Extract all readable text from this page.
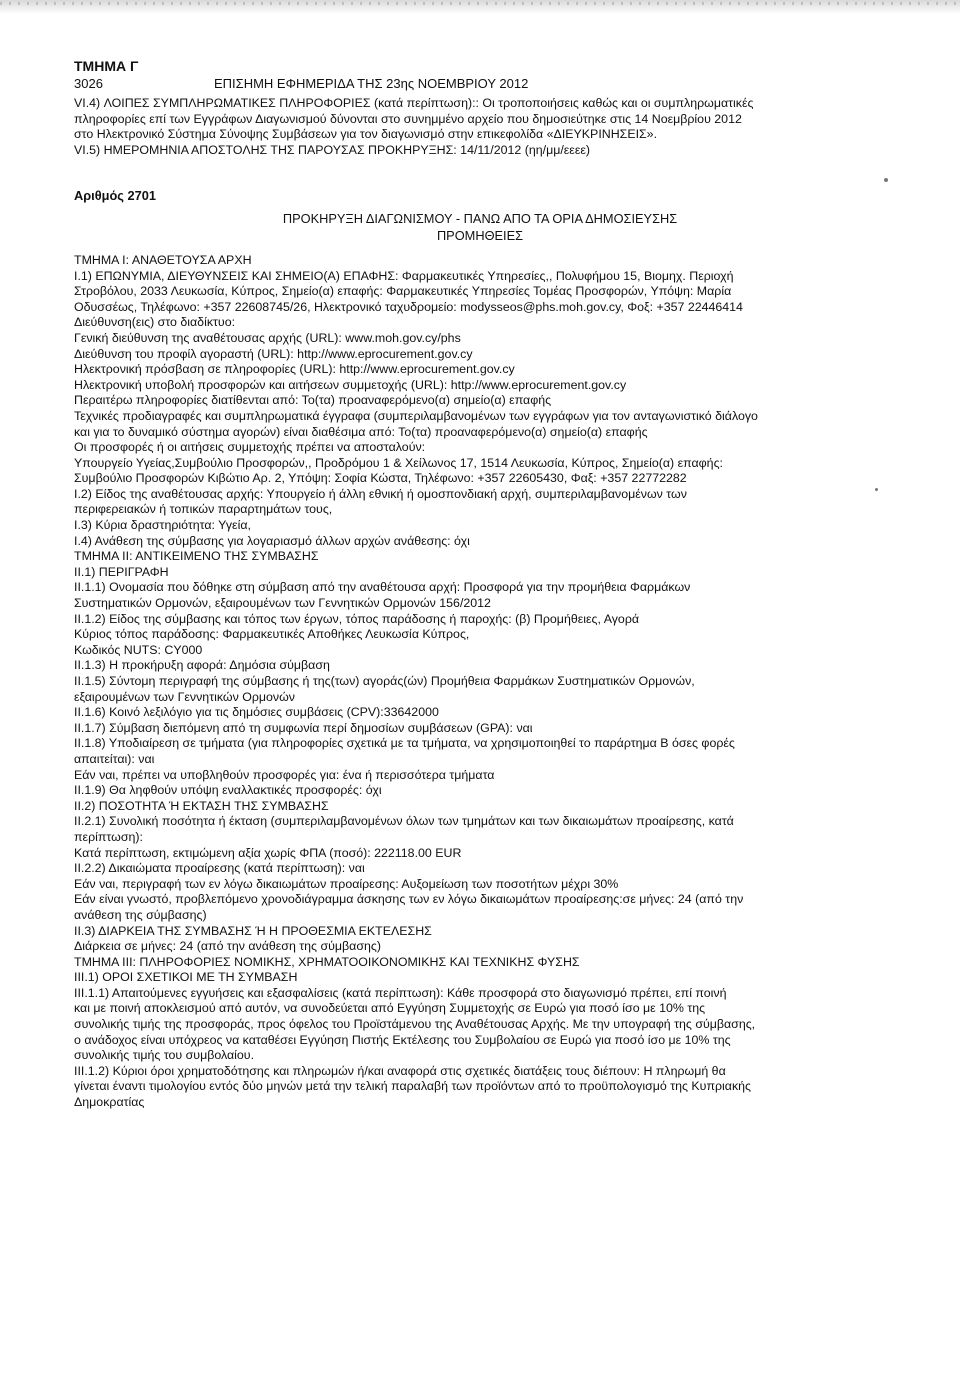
ΤΜΗΜΑ Γ
3026	ΕΠΙΣΗΜΗ ΕΦΗΜΕΡΙΔΑ ΤΗΣ 23ης ΝΟΕΜΒΡΙΟΥ 2012
VI.4) ΛΟΙΠΕΣ ΣΥΜΠΛΗΡΩΜΑΤΙΚΕΣ ΠΛΗΡΟΦΟΡΙΕΣ (κατά περίπτωση):: Οι τροποποιήσεις καθώς και οι συμπληρωματικές
πληροφορίες επί των Εγγράφων Διαγωνισμού δύνονται στο συνημμένο αρχείο που δημοσιεύτηκε στις 14 Νοεμβρίου 2012
στο Ηλεκτρονικό Σύστημα Σύνοψης Συμβάσεων για τον διαγωνισμό στην επικεφολίδα «ΔΙΕΥΚΡΙΝΗΣΕΙΣ».
VI.5) ΗΜΕΡΟΜΗΝΙΑ ΑΠΟΣΤΟΛΗΣ ΤΗΣ ΠΑΡΟΥΣΑΣ ΠΡΟΚΗΡΥΞΗΣ: 14/11/2012 (ηη/μμ/εεεε)
Αριθμός 2701
ΠΡΟΚΗΡΥΞΗ ΔΙΑΓΩΝΙΣΜΟΥ - ΠΑΝΩ ΑΠΟ ΤΑ ΟΡΙΑ ΔΗΜΟΣΙΕΥΣΗΣ
ΠΡΟΜΗΘΕΙΕΣ
ΤΜΗΜΑ Ι: ΑΝΑΘΕΤΟΥΣΑ ΑΡΧΗ
Ι.1) ΕΠΩΝΥΜΙΑ, ΔΙΕΥΘΥΝΣΕΙΣ ΚΑΙ ΣΗΜΕΙΟ(Α) ΕΠΑΦΗΣ: Φαρμακευτικές Υπηρεσίες,, Πολυφήμου 15, Βιομηχ. Περιοχή
Στροβόλου, 2033 Λευκωσία, Κύπρος, Σημείο(α) επαφής: Φαρμακευτικές Υπηρεσίες Τομέας Προσφορών, Υπόψη: Μαρία
Οδυσσέως, Τηλέφωνο: +357 22608745/26, Ηλεκτρονικό ταχυδρομείο: modysseos@phs.moh.gov.cy, Φοξ: +357 22446414
Διεύθυνση(εις) στο διαδίκτυο:
Γενική διεύθυνση της αναθέτουσας αρχής (URL): www.moh.gov.cy/phs
Διεύθυνση του προφίλ αγοραστή (URL): http://www.eprocurement.gov.cy
Ηλεκτρονική πρόσβαση σε πληροφορίες (URL): http://www.eprocurement.gov.cy
Ηλεκτρονική υποβολή προσφορών και αιτήσεων συμμετοχής (URL): http://www.eprocurement.gov.cy
Περαιτέρω πληροφορίες διατίθενται από: Το(τα) προαναφερόμενο(α) σημείο(α) επαφής
Τεχνικές προδιαγραφές και συμπληρωματικά έγγραφα (συμπεριλαμβανομένων των εγγράφων για τον ανταγωνιστικό διάλογο
και για το δυναμικό σύστημα αγορών) είναι διαθέσιμα από: Το(τα) προαναφερόμενο(α) σημείο(α) επαφής
Οι προσφορές ή οι αιτήσεις συμμετοχής πρέπει να αποσταλούν:
Υπουργείο Υγείας,Συμβούλιο Προσφορών,, Προδρόμου 1 & Χείλωνος 17, 1514 Λευκωσία, Κύπρος, Σημείο(α) επαφής:
Συμβούλιο Προσφορών Κιβώτιο Αρ. 2, Υπόψη: Σοφία Κώστα, Τηλέφωνο: +357 22605430, Φαξ: +357 22772282
Ι.2) Είδος της αναθέτουσας αρχής: Υπουργείο ή άλλη εθνική ή ομοσπονδιακή αρχή, συμπεριλαμβανομένων των
περιφερειακών ή τοπικών παραρτημάτων τους,
Ι.3) Κύρια δραστηριότητα: Υγεία,
Ι.4) Ανάθεση της σύμβασης για λογαριασμό άλλων αρχών ανάθεσης: όχι
ΤΜΗΜΑ ΙΙ: ΑΝΤΙΚΕΙΜΕΝΟ ΤΗΣ ΣΥΜΒΑΣΗΣ
ΙΙ.1) ΠΕΡΙΓΡΑΦΗ
ΙΙ.1.1) Ονομασία που δόθηκε στη σύμβαση από την αναθέτουσα αρχή: Προσφορά για την προμήθεια Φαρμάκων
Συστηματικών Ορμονών, εξαιρουμένων των Γεννητικών Ορμονών 156/2012
ΙΙ.1.2) Είδος της σύμβασης και τόπος των έργων, τόπος παράδοσης ή παροχής: (β) Προμήθειες, Αγορά
Κύριος τόπος παράδοσης: Φαρμακευτικές Αποθήκες Λευκωσία Κύπρος,
Κωδικός NUTS: CY000
ΙΙ.1.3) Η προκήρυξη αφορά: Δημόσια σύμβαση
ΙΙ.1.5) Σύντομη περιγραφή της σύμβασης ή της(των) αγοράς(ών) Προμήθεια Φαρμάκων Συστηματικών Ορμονών,
εξαιρουμένων των Γεννητικών Ορμονών
ΙΙ.1.6) Κοινό λεξιλόγιο για τις δημόσιες συμβάσεις (CPV):33642000
ΙΙ.1.7) Σύμβαση διεπόμενη από τη συμφωνία περί δημοσίων συμβάσεων (GPA): ναι
ΙΙ.1.8) Υποδιαίρεση σε τμήματα (για πληροφορίες σχετικά με τα τμήματα, να χρησιμοποιηθεί το παράρτημα Β όσες φορές
απαιτείται): ναι
Εάν ναι, πρέπει να υποβληθούν προσφορές για: ένα ή περισσότερα τμήματα
ΙΙ.1.9) Θα ληφθούν υπόψη εναλλακτικές προσφορές: όχι
ΙΙ.2) ΠΟΣΟΤΗΤΑ Ή ΕΚΤΑΣΗ ΤΗΣ ΣΥΜΒΑΣΗΣ
ΙΙ.2.1) Συνολική ποσότητα ή έκταση (συμπεριλαμβανομένων όλων των τμημάτων και των δικαιωμάτων προαίρεσης, κατά
περίπτωση):
Κατά περίπτωση, εκτιμώμενη αξία χωρίς ΦΠΑ (ποσό): 222118.00 EUR
ΙΙ.2.2) Δικαιώματα προαίρεσης (κατά περίπτωση): ναι
Εάν ναι, περιγραφή των εν λόγω δικαιωμάτων προαίρεσης: Αυξομείωση των ποσοτήτων μέχρι 30%
Εάν είναι γνωστό, προβλεπόμενο χρονοδιάγραμμα άσκησης των εν λόγω δικαιωμάτων προαίρεσης:σε μήνες: 24 (από την
ανάθεση της σύμβασης)
ΙΙ.3) ΔΙΑΡΚΕΙΑ ΤΗΣ ΣΥΜΒΑΣΗΣ Ή Η ΠΡΟΘΕΣΜΙΑ ΕΚΤΕΛΕΣΗΣ
Διάρκεια σε μήνες: 24 (από την ανάθεση της σύμβασης)
ΤΜΗΜΑ ΙΙΙ: ΠΛΗΡΟΦΟΡΙΕΣ ΝΟΜΙΚΗΣ, ΧΡΗΜΑΤΟΟΙΚΟΝΟΜΙΚΗΣ ΚΑΙ ΤΕΧΝΙΚΗΣ ΦΥΣΗΣ
ΙΙΙ.1) ΟΡΟΙ ΣΧΕΤΙΚΟΙ ΜΕ ΤΗ ΣΥΜΒΑΣΗ
ΙΙΙ.1.1) Απαιτούμενες εγγυήσεις και εξασφαλίσεις (κατά περίπτωση): Κάθε προσφορά στο διαγωνισμό πρέπει, επί ποινή
και με ποινή αποκλεισμού από αυτόν, να συνοδεύεται από Εγγύηση Συμμετοχής σε Ευρώ για ποσό ίσο με 10% της
συνολικής τιμής της προσφοράς, προς όφελος του Προϊστάμενου της Αναθέτουσας Αρχής. Με την υπογραφή της σύμβασης,
ο ανάδοχος είναι υπόχρεος να καταθέσει Εγγύηση Πιστής Εκτέλεσης του Συμβολαίου σε Ευρώ για ποσό ίσο με 10% της
συνολικής τιμής του συμβολαίου.
ΙΙΙ.1.2) Κύριοι όροι χρηματοδότησης και πληρωμών ή/και αναφορά στις σχετικές διατάξεις τους διέπουν: Η πληρωμή θα
γίνεται έναντι τιμολογίου εντός δύο μηνών μετά την τελική παραλαβή των προϊόντων από το προϋπολογισμό της Κυπριακής
Δημοκρατίας
